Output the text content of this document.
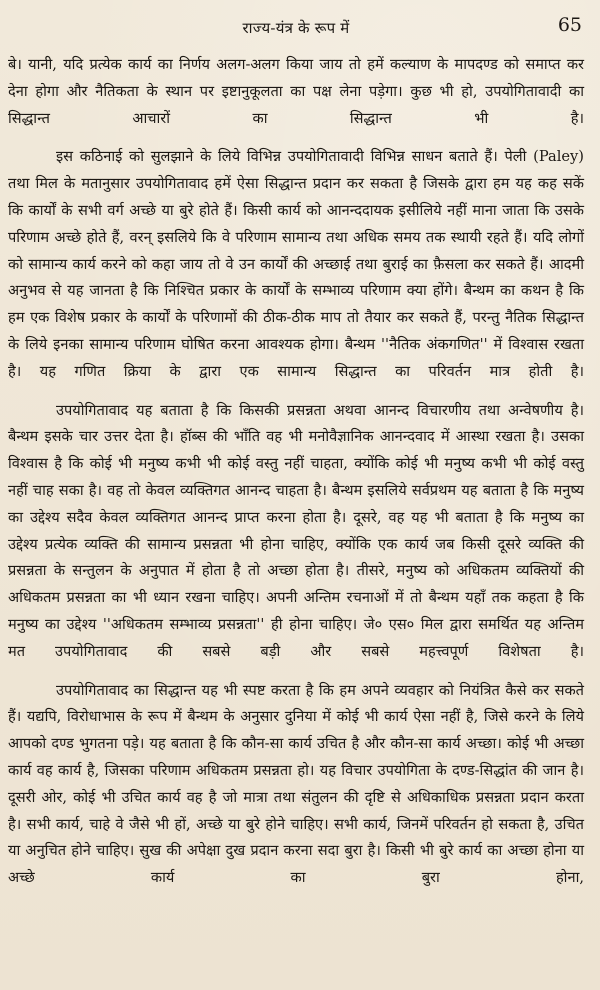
राज्य-यंत्र के रूप में	65

बे। यानी, यदि प्रत्येक कार्य का निर्णय अलग-अलग किया जाय तो हमें कल्याण के मापदण्ड को समाप्त कर देना होगा और नैतिकता के स्थान पर इष्टानुकूलता का पक्ष लेना पड़ेगा। कुछ भी हो, उपयोगितावादी का सिद्धान्त आचारों का सिद्धान्त भी है।

इस कठिनाई को सुलझाने के लिये विभिन्न उपयोगितावादी विभिन्न साधन बताते हैं। पेली (Paley) तथा मिल के मतानुसार उपयोगितावाद हमें ऐसा सिद्धान्त प्रदान कर सकता है जिसके द्वारा हम यह कह सकें कि कार्यों के सभी वर्ग अच्छे या बुरे होते हैं। किसी कार्य को आनन्ददायक इसीलिये नहीं माना जाता कि उसके परिणाम अच्छे होते हैं, वरन् इसलिये कि वे परिणाम सामान्य तथा अधिक समय तक स्थायी रहते हैं। यदि लोगों को सामान्य कार्य करने को कहा जाय तो वे उन कार्यों की अच्छाई तथा बुराई का फ़ैसला कर सकते हैं। आदमी अनुभव से यह जानता है कि निश्चित प्रकार के कार्यों के सम्भाव्य परिणाम क्या होंगे। बैन्थम का कथन है कि हम एक विशेष प्रकार के कार्यों के परिणामों की ठीक-ठीक माप तो तैयार कर सकते हैं, परन्तु नैतिक सिद्धान्त के लिये इनका सामान्य परिणाम घोषित करना आवश्यक होगा। बैन्थम ''नैतिक अंकगणित'' में विश्वास रखता है। यह गणित क्रिया के द्वारा एक सामान्य सिद्धान्त का परिवर्तन मात्र होती है।

उपयोगितावाद यह बताता है कि किसकी प्रसन्नता अथवा आनन्द विचारणीय तथा अन्वेषणीय है। बैन्थम इसके चार उत्तर देता है। हॉब्स की भाँति वह भी मनोवैज्ञानिक आनन्दवाद में आस्था रखता है। उसका विश्वास है कि कोई भी मनुष्य कभी भी कोई वस्तु नहीं चाहता, क्योंकि कोई भी मनुष्य कभी भी कोई वस्तु नहीं चाह सका है। वह तो केवल व्यक्तिगत आनन्द चाहता है। बैन्थम इसलिये सर्वप्रथम यह बताता है कि मनुष्य का उद्देश्य सदैव केवल व्यक्तिगत आनन्द प्राप्त करना होता है। दूसरे, वह यह भी बताता है कि मनुष्य का उद्देश्य प्रत्येक व्यक्ति की सामान्य प्रसन्नता भी होना चाहिए, क्योंकि एक कार्य जब किसी दूसरे व्यक्ति की प्रसन्नता के सन्तुलन के अनुपात में होता है तो अच्छा होता है। तीसरे, मनुष्य को अधिकतम व्यक्तियों की अधिकतम प्रसन्नता का भी ध्यान रखना चाहिए। अपनी अन्तिम रचनाओं में तो बैन्थम यहाँ तक कहता है कि मनुष्य का उद्देश्य ''अधिकतम सम्भाव्य प्रसन्नता'' ही होना चाहिए। जे० एस० मिल द्वारा समर्थित यह अन्तिम मत उपयोगितावाद की सबसे बड़ी और सबसे महत्त्वपूर्ण विशेषता है।

उपयोगितावाद का सिद्धान्त यह भी स्पष्ट करता है कि हम अपने व्यवहार को नियंत्रित कैसे कर सकते हैं। यद्यपि, विरोधाभास के रूप में बैन्थम के अनुसार दुनिया में कोई भी कार्य ऐसा नहीं है, जिसे करने के लिये आपको दण्ड भुगतना पड़े। यह बताता है कि कौन-सा कार्य उचित है और कौन-सा कार्य अच्छा। कोई भी अच्छा कार्य वह कार्य है, जिसका परिणाम अधिकतम प्रसन्नता हो। यह विचार उपयोगिता के दण्ड-सिद्धांत की जान है। दूसरी ओर, कोई भी उचित कार्य वह है जो मात्रा तथा संतुलन की दृष्टि से अधिकाधिक प्रसन्नता प्रदान करता है। सभी कार्य, चाहे वे जैसे भी हों, अच्छे या बुरे होने चाहिए। सभी कार्य, जिनमें परिवर्तन हो सकता है, उचित या अनुचित होने चाहिए। सुख की अपेक्षा दुख प्रदान करना सदा बुरा है। किसी भी बुरे कार्य का अच्छा होना या अच्छे कार्य का बुरा होना,
